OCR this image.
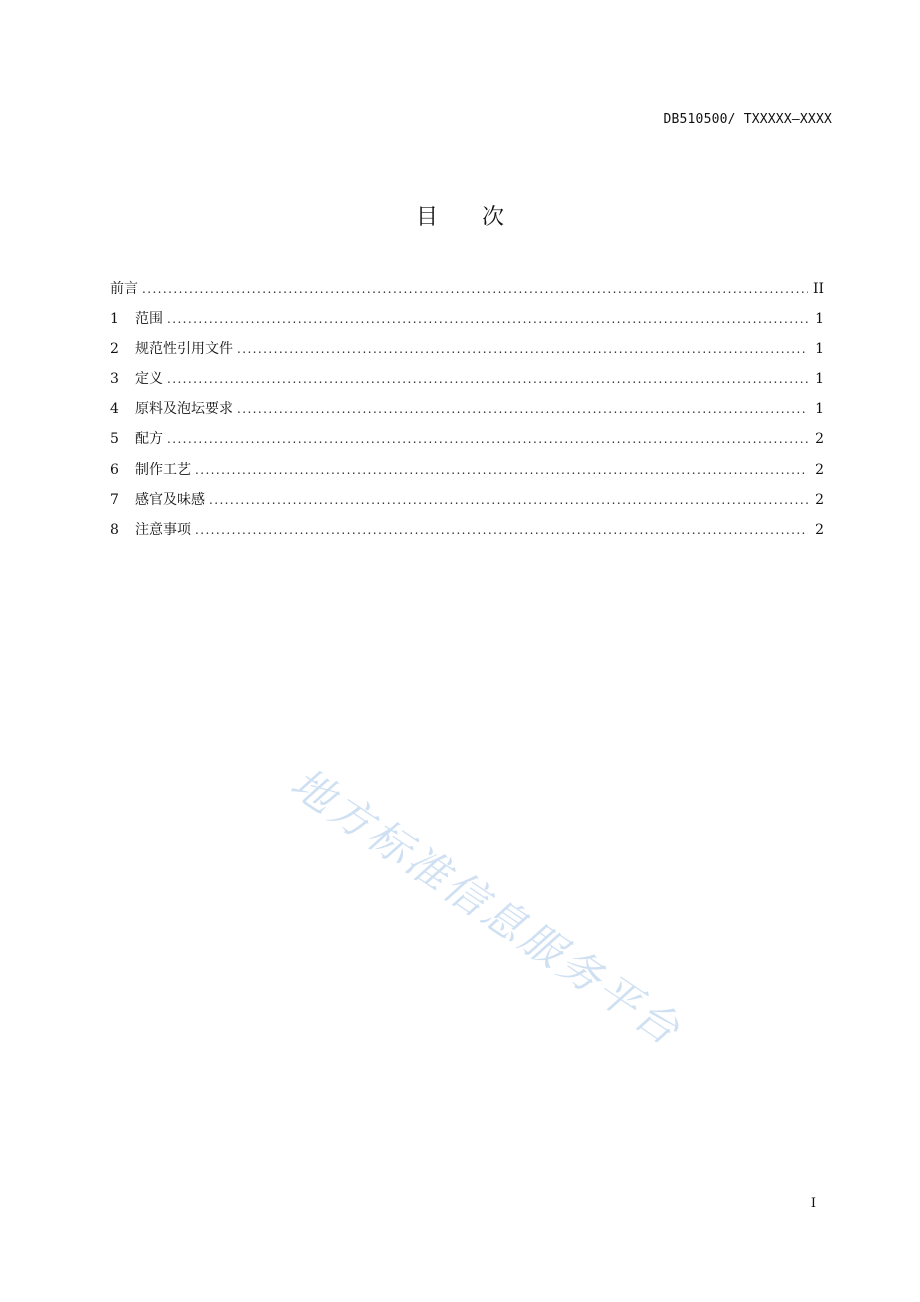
DB510500/ TXXXXX—XXXX
目 次
前言 . . .	II
1	范围 . . .	1
2	规范性引用文件 . . .	1
3	定义 . . .	1
4	原料及泡坛要求 . . .	1
5	配方 . . .	2
6	制作工艺 . . .	2
7	感官及味感 . . .	2
8	注意事项 . . .	2
地方标准信息服务平台
I
